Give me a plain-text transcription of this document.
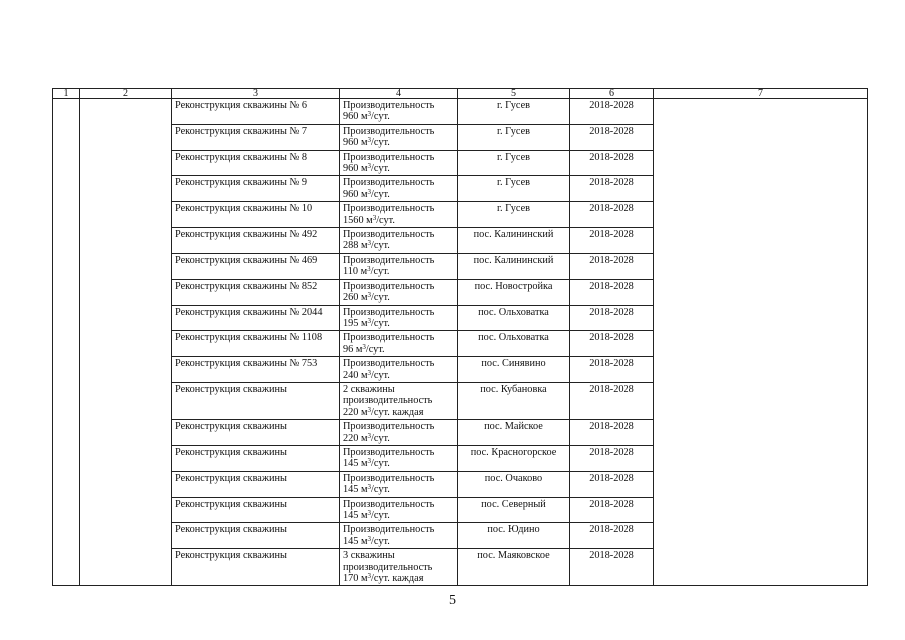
1	2	3	4	5	6	7
		Реконструкция скважины № 6	Производительность
960 $м^3$/сут.	г. Гусев	2018-2028	
		Реконструкция скважины № 7	Производительность
960 $м^3$/сут.	г. Гусев	2018-2028	
		Реконструкция скважины № 8	Производительность
960 $м^3$/сут.	г. Гусев	2018-2028	
		Реконструкция скважины № 9	Производительность
960 $м^3$/сут.	г. Гусев	2018-2028	
		Реконструкция скважины № 10	Производительность
1560 $м^3$/сут.	г. Гусев	2018-2028	
		Реконструкция скважины № 492	Производительность
288 $м^3$/сут.	пос. Калининский	2018-2028	
		Реконструкция скважины № 469	Производительность
110 $м^3$/сут.	пос. Калининский	2018-2028	
		Реконструкция скважины № 852	Производительность
260 $м^3$/сут.	пос. Новостройка	2018-2028	
		Реконструкция скважины № 2044	Производительность
195 $м^3$/сут.	пос. Ольховатка	2018-2028	
		Реконструкция скважины № 1108	Производительность
96 $м^3$/сут.	пос. Ольховатка	2018-2028	
		Реконструкция скважины № 753	Производительность
240 $м^3$/сут.	пос. Синявино	2018-2028	
		Реконструкция скважины	2 скважины
производительность
220 $м^3$/сут. каждая	пос. Кубановка	2018-2028	
		Реконструкция скважины	Производительность
220 $м^3$/сут.	пос. Майское	2018-2028	
		Реконструкция скважины	Производительность
145 $м^3$/сут.	пос. Красногорское	2018-2028	
		Реконструкция скважины	Производительность
145 $м^3$/сут.	пос. Очаково	2018-2028	
		Реконструкция скважины	Производительность
145 $м^3$/сут.	пос. Северный	2018-2028	
		Реконструкция скважины	Производительность
145 $м^3$/сут.	пос. Юдино	2018-2028	
		Реконструкция скважины	3 скважины
производительность
170 $м^3$/сут. каждая	пос. Маяковское	2018-2028	
5
